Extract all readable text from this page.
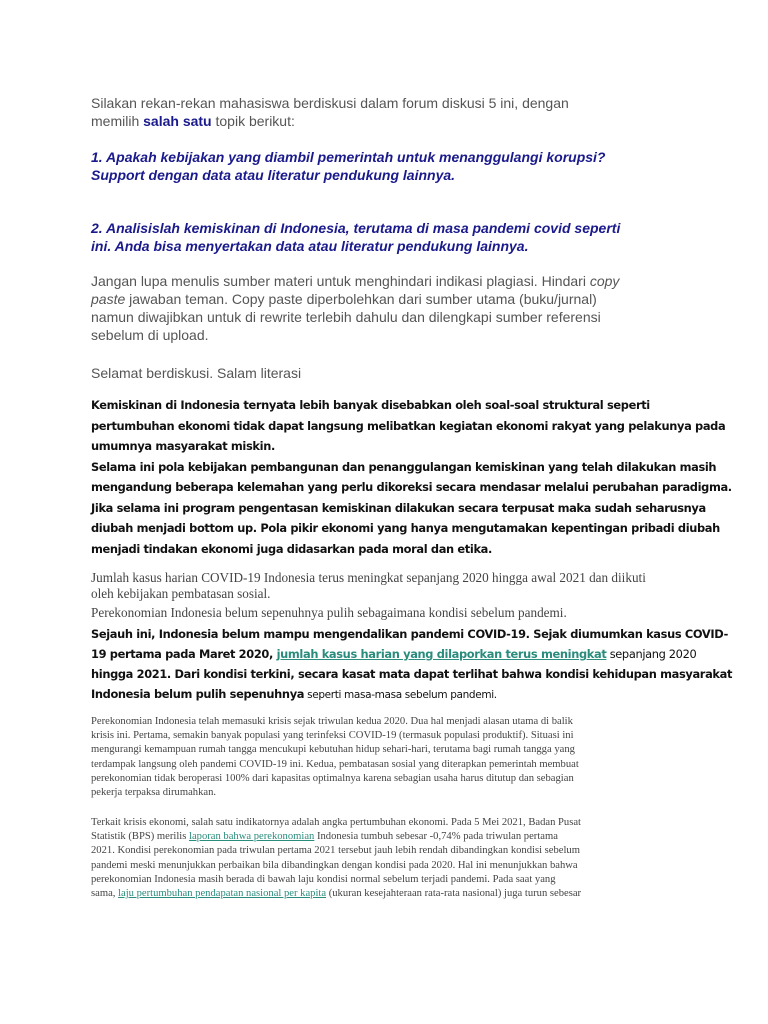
Silakan rekan-rekan mahasiswa berdiskusi dalam forum diskusi 5 ini, dengan
memilih salah satu topik berikut:
1. Apakah kebijakan yang diambil pemerintah untuk menanggulangi korupsi?
Support dengan data atau literatur pendukung lainnya.
2. Analisislah kemiskinan di Indonesia, terutama di masa pandemi covid seperti
ini. Anda bisa menyertakan data atau literatur pendukung lainnya.
Jangan lupa menulis sumber materi untuk menghindari indikasi plagiasi. Hindari copy
paste jawaban teman. Copy paste diperbolehkan dari sumber utama (buku/jurnal)
namun diwajibkan untuk di rewrite terlebih dahulu dan dilengkapi sumber referensi
sebelum di upload.
Selamat berdiskusi. Salam literasi
Kemiskinan di Indonesia ternyata lebih banyak disebabkan oleh soal-soal struktural seperti
pertumbuhan ekonomi tidak dapat langsung melibatkan kegiatan ekonomi rakyat yang pelakunya pada
umumnya masyarakat miskin.
Selama ini pola kebijakan pembangunan dan penanggulangan kemiskinan yang telah dilakukan masih
mengandung beberapa kelemahan yang perlu dikoreksi secara mendasar melalui perubahan paradigma.
Jika selama ini program pengentasan kemiskinan dilakukan secara terpusat maka sudah seharusnya
diubah menjadi bottom up. Pola pikir ekonomi yang hanya mengutamakan kepentingan pribadi diubah
menjadi tindakan ekonomi juga didasarkan pada moral dan etika.
Jumlah kasus harian COVID-19 Indonesia terus meningkat sepanjang 2020 hingga awal 2021 dan diikuti
oleh kebijakan pembatasan sosial.
Perekonomian Indonesia belum sepenuhnya pulih sebagaimana kondisi sebelum pandemi.
Sejauh ini, Indonesia belum mampu mengendalikan pandemi COVID-19. Sejak diumumkan kasus COVID-
19 pertama pada Maret 2020, jumlah kasus harian yang dilaporkan terus meningkat sepanjang 2020
hingga 2021. Dari kondisi terkini, secara kasat mata dapat terlihat bahwa kondisi kehidupan masyarakat
Indonesia belum pulih sepenuhnya seperti masa-masa sebelum pandemi.
Perekonomian Indonesia telah memasuki krisis sejak triwulan kedua 2020. Dua hal menjadi alasan utama di balik
krisis ini. Pertama, semakin banyak populasi yang terinfeksi COVID-19 (termasuk populasi produktif). Situasi ini
mengurangi kemampuan rumah tangga mencukupi kebutuhan hidup sehari-hari, terutama bagi rumah tangga yang
terdampak langsung oleh pandemi COVID-19 ini. Kedua, pembatasan sosial yang diterapkan pemerintah membuat
perekonomian tidak beroperasi 100% dari kapasitas optimalnya karena sebagian usaha harus ditutup dan sebagian
pekerja terpaksa dirumahkan.
Terkait krisis ekonomi, salah satu indikatornya adalah angka pertumbuhan ekonomi. Pada 5 Mei 2021, Badan Pusat
Statistik (BPS) merilis laporan bahwa perekonomian Indonesia tumbuh sebesar -0,74% pada triwulan pertama
2021. Kondisi perekonomian pada triwulan pertama 2021 tersebut jauh lebih rendah dibandingkan kondisi sebelum
pandemi meski menunjukkan perbaikan bila dibandingkan dengan kondisi pada 2020. Hal ini menunjukkan bahwa
perekonomian Indonesia masih berada di bawah laju kondisi normal sebelum terjadi pandemi. Pada saat yang
sama, laju pertumbuhan pendapatan nasional per kapita (ukuran kesejahteraan rata-rata nasional) juga turun sebesar
